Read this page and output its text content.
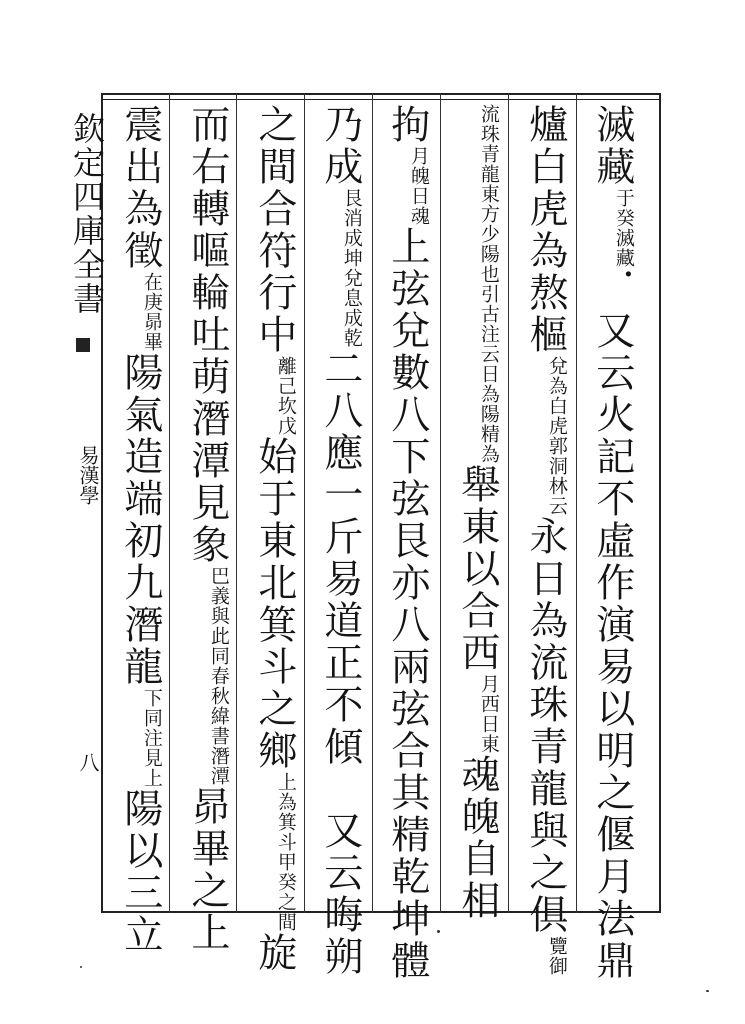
欽定四庫全書
易漢學
八
滅藏
滅藏
于癸
．又云火記不虛作演易以明之偃月法鼎
爐白虎為熬樞
郭洞林云
兌為白虎
永日為流珠青龍與之俱
御
覽
引古注云日為陽精為
流珠青龍東方少陽也
舉東以合西
日東
月西
魂魄自相
拘
日魂
月魄
上弦兌數八下弦艮亦八兩弦合其精乾坤體
乃成
兌息成乾
艮消成坤
二八應一斤易道正不傾　又云晦朔
之間合符行中
坎戊
離己
始于東北箕斗之鄉
甲癸之間
上為箕斗
旋
而右轉嘔輪吐萌潛潭見象
春秋緯書潛潭
巴義與此同
昴畢之上
震出為徵
昴畢
在庚
陽氣造端初九潛龍
注見上
下同
陽以三立
